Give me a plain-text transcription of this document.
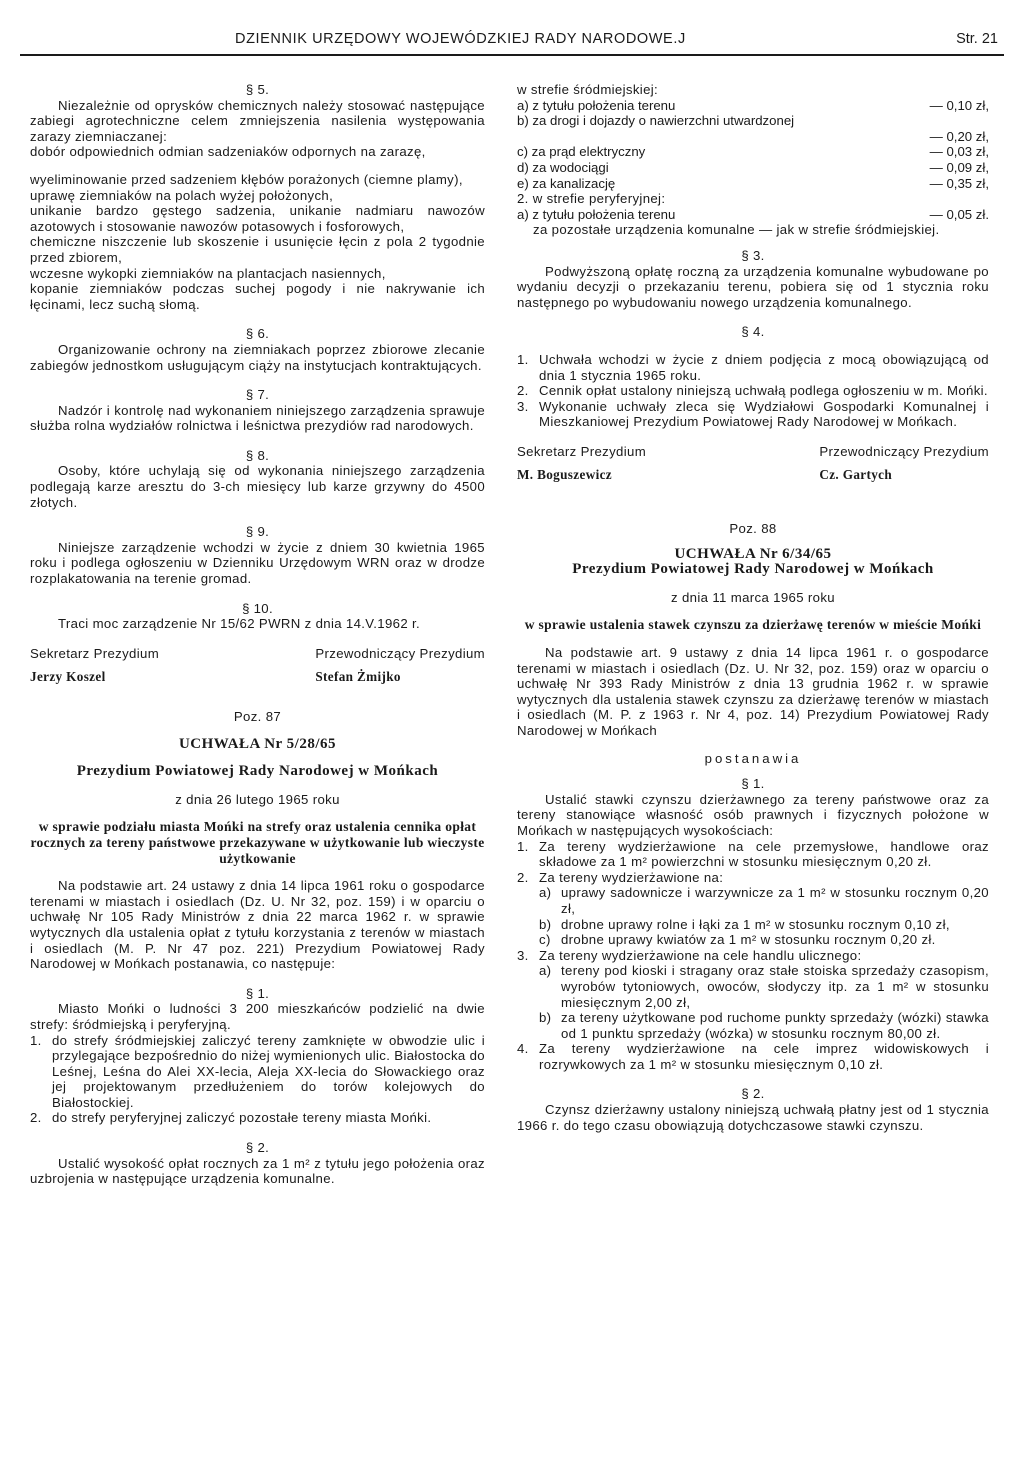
DZIENNIK URZĘDOWY WOJEWÓDZKIEJ RADY NARODOWE.J	Str. 21

§ 5.

Niezależnie od oprysków chemicznych należy stosować następujące zabiegi agrotechniczne celem zmniejszenia nasilenia występowania zarazy ziemniaczanej:

dobór odpowiednich odmian sadzeniaków odpornych na zarazę,

wyeliminowanie przed sadzeniem kłębów porażonych (ciemne plamy),

uprawę ziemniaków na polach wyżej położonych,

unikanie bardzo gęstego sadzenia, unikanie nadmiaru nawozów azotowych i stosowanie nawozów potasowych i fosforowych,

chemiczne niszczenie lub skoszenie i usunięcie łęcin z pola 2 tygodnie przed zbiorem,

wczesne wykopki ziemniaków na plantacjach nasiennych,

kopanie ziemniaków podczas suchej pogody i nie nakrywanie ich łęcinami, lecz suchą słomą.

§ 6.

Organizowanie ochrony na ziemniakach poprzez zbiorowe zlecanie zabiegów jednostkom usługującym ciąży na instytucjach kontraktujących.

§ 7.

Nadzór i kontrolę nad wykonaniem niniejszego zarządzenia sprawuje służba rolna wydziałów rolnictwa i leśnictwa prezydiów rad narodowych.

§ 8.

Osoby, które uchylają się od wykonania niniejszego zarządzenia podlegają karze aresztu do 3-ch miesięcy lub karze grzywny do 4500 złotych.

§ 9.

Niniejsze zarządzenie wchodzi w życie z dniem 30 kwietnia 1965 roku i podlega ogłoszeniu w Dzienniku Urzędowym WRN oraz w drodze rozplakatowania na terenie gromad.

§ 10.

Traci moc zarządzenie Nr 15/62 PWRN z dnia 14.V.1962 r.

Sekretarz Prezydium

Jerzy Koszel

Przewodniczący Prezydium

Stefan Żmijko

Poz. 87

UCHWAŁA Nr 5/28/65

Prezydium Powiatowej Rady Narodowej w Mońkach

z dnia 26 lutego 1965 roku

w sprawie podziału miasta Mońki na strefy oraz ustalenia cennika opłat rocznych za tereny państwowe przekazywane w użytkowanie lub wieczyste użytkowanie

Na podstawie art. 24 ustawy z dnia 14 lipca 1961 roku o gospodarce terenami w miastach i osiedlach (Dz. U. Nr 32, poz. 159) i w oparciu o uchwałę Nr 105 Rady Ministrów z dnia 22 marca 1962 r. w sprawie wytycznych dla ustalenia opłat z tytułu korzystania z terenów w miastach i osiedlach (M. P. Nr 47 poz. 221) Prezydium Powiatowej Rady Narodowej w Mońkach postanawia, co następuje:

§ 1.

Miasto Mońki o ludności 3 200 mieszkańców podzielić na dwie strefy: śródmiejską i peryferyjną.

1. do strefy śródmiejskiej zaliczyć tereny zamknięte w obwodzie ulic i przylegające bezpośrednio do niżej wymienionych ulic. Białostocka do Leśnej, Leśna do Alei XX-lecia, Aleja XX-lecia do Słowackiego oraz jej projektowanym przedłużeniem do torów kolejowych do Białostockiej.
2. do strefy peryferyjnej zaliczyć pozostałe tereny miasta Mońki.

§ 2.

Ustalić wysokość opłat rocznych za 1 m² z tytułu jego położenia oraz uzbrojenia w następujące urządzenia komunalne.

w strefie śródmiejskiej:

a) z tytułu położenia terenu	— 0,10 zł,
b) za drogi i dojazdy o nawierzchni utwardzonej
— 0,20 zł,
c) za prąd elektryczny	— 0,03 zł,
d) za wodociągi	— 0,09 zł,
e) za kanalizację	— 0,35 zł,

2. w strefie peryferyjnej:

a) z tytułu położenia terenu	— 0,05 zł.

za pozostałe urządzenia komunalne — jak w strefie śródmiejskiej.

§ 3.

Podwyższoną opłatę roczną za urządzenia komunalne wybudowane po wydaniu decyzji o przekazaniu terenu, pobiera się od 1 stycznia roku następnego po wybudowaniu nowego urządzenia komunalnego.

§ 4.

1. Uchwała wchodzi w życie z dniem podjęcia z mocą obowiązującą od dnia 1 stycznia 1965 roku.
2. Cennik opłat ustalony niniejszą uchwałą podlega ogłoszeniu w m. Mońki.
3. Wykonanie uchwały zleca się Wydziałowi Gospodarki Komunalnej i Mieszkaniowej Prezydium Powiatowej Rady Narodowej w Mońkach.

Sekretarz Prezydium

M. Boguszewicz

Przewodniczący Prezydium

Cz. Gartych

Poz. 88

UCHWAŁA Nr 6/34/65

Prezydium Powiatowej Rady Narodowej w Mońkach

z dnia 11 marca 1965 roku

w sprawie ustalenia stawek czynszu za dzierżawę terenów w mieście Mońki

Na podstawie art. 9 ustawy z dnia 14 lipca 1961 r. o gospodarce terenami w miastach i osiedlach (Dz. U. Nr 32, poz. 159) oraz w oparciu o uchwałę Nr 393 Rady Ministrów z dnia 13 grudnia 1962 r. w sprawie wytycznych dla ustalenia stawek czynszu za dzierżawę terenów w miastach i osiedlach (M. P. z 1963 r. Nr 4, poz. 14) Prezydium Powiatowej Rady Narodowej w Mońkach

postanawia

§ 1.

Ustalić stawki czynszu dzierżawnego za tereny państwowe oraz za tereny stanowiące własność osób prawnych i fizycznych położone w Mońkach w następujących wysokościach:

1. Za tereny wydzierżawione na cele przemysłowe, handlowe oraz składowe za 1 m² powierzchni w stosunku miesięcznym 0,20 zł.
2. Za tereny wydzierżawione na:
a) uprawy sadownicze i warzywnicze za 1 m² w stosunku rocznym 0,20 zł,
b) drobne uprawy rolne i łąki za 1 m² w stosunku rocznym 0,10 zł,
c) drobne uprawy kwiatów za 1 m² w stosunku rocznym 0,20 zł.
3. Za tereny wydzierżawione na cele handlu ulicznego:
a) tereny pod kioski i stragany oraz stałe stoiska sprzedaży czasopism, wyrobów tytoniowych, owoców, słodyczy itp. za 1 m² w stosunku miesięcznym 2,00 zł,
b) za tereny użytkowane pod ruchome punkty sprzedaży (wózki) stawka od 1 punktu sprzedaży (wózka) w stosunku rocznym 80,00 zł.
4. Za tereny wydzierżawione na cele imprez widowiskowych i rozrywkowych za 1 m² w stosunku miesięcznym 0,10 zł.

§ 2.

Czynsz dzierżawny ustalony niniejszą uchwałą płatny jest od 1 stycznia 1966 r. do tego czasu obowiązują dotychczasowe stawki czynszu.
